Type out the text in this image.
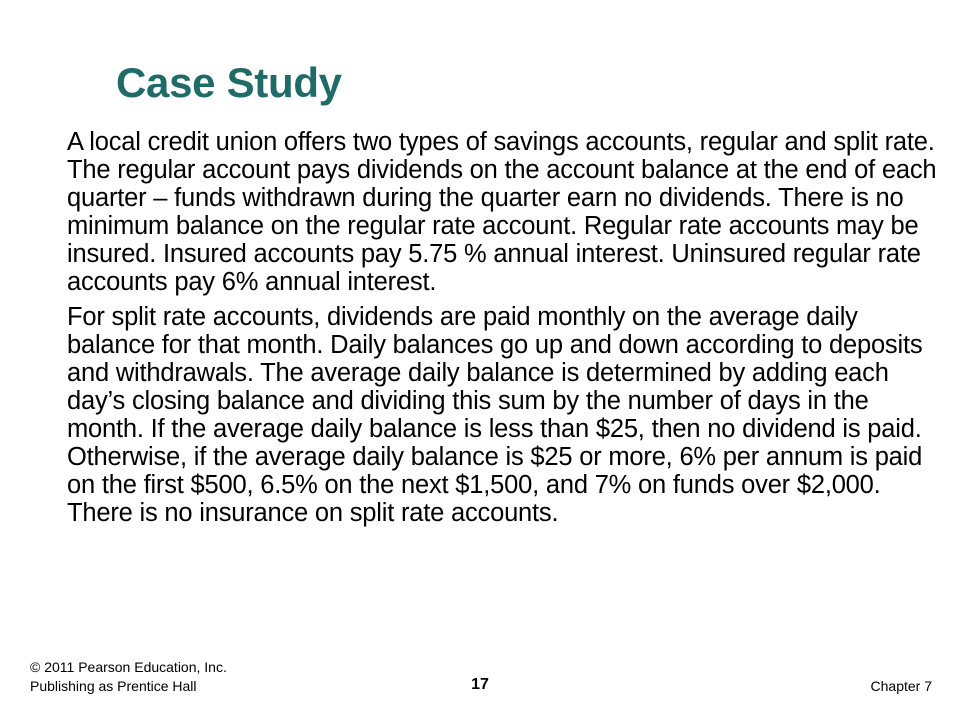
Case Study

A local credit union offers two types of savings accounts, regular and split rate. The regular account pays dividends on the account balance at the end of each quarter – funds withdrawn during the quarter earn no dividends. There is no minimum balance on the regular rate account. Regular rate accounts may be insured. Insured accounts pay 5.75 % annual interest. Uninsured regular rate accounts pay 6% annual interest.

For split rate accounts, dividends are paid monthly on the average daily balance for that month. Daily balances go up and down according to deposits and withdrawals. The average daily balance is determined by adding each day’s closing balance and dividing this sum by the number of days in the month. If the average daily balance is less than $25, then no dividend is paid. Otherwise, if the average daily balance is $25 or more, 6% per annum is paid on the first $500, 6.5% on the next $1,500, and 7% on funds over $2,000. There is no insurance on split rate accounts.

© 2011 Pearson Education, Inc. Publishing as Prentice Hall	17	Chapter 7
